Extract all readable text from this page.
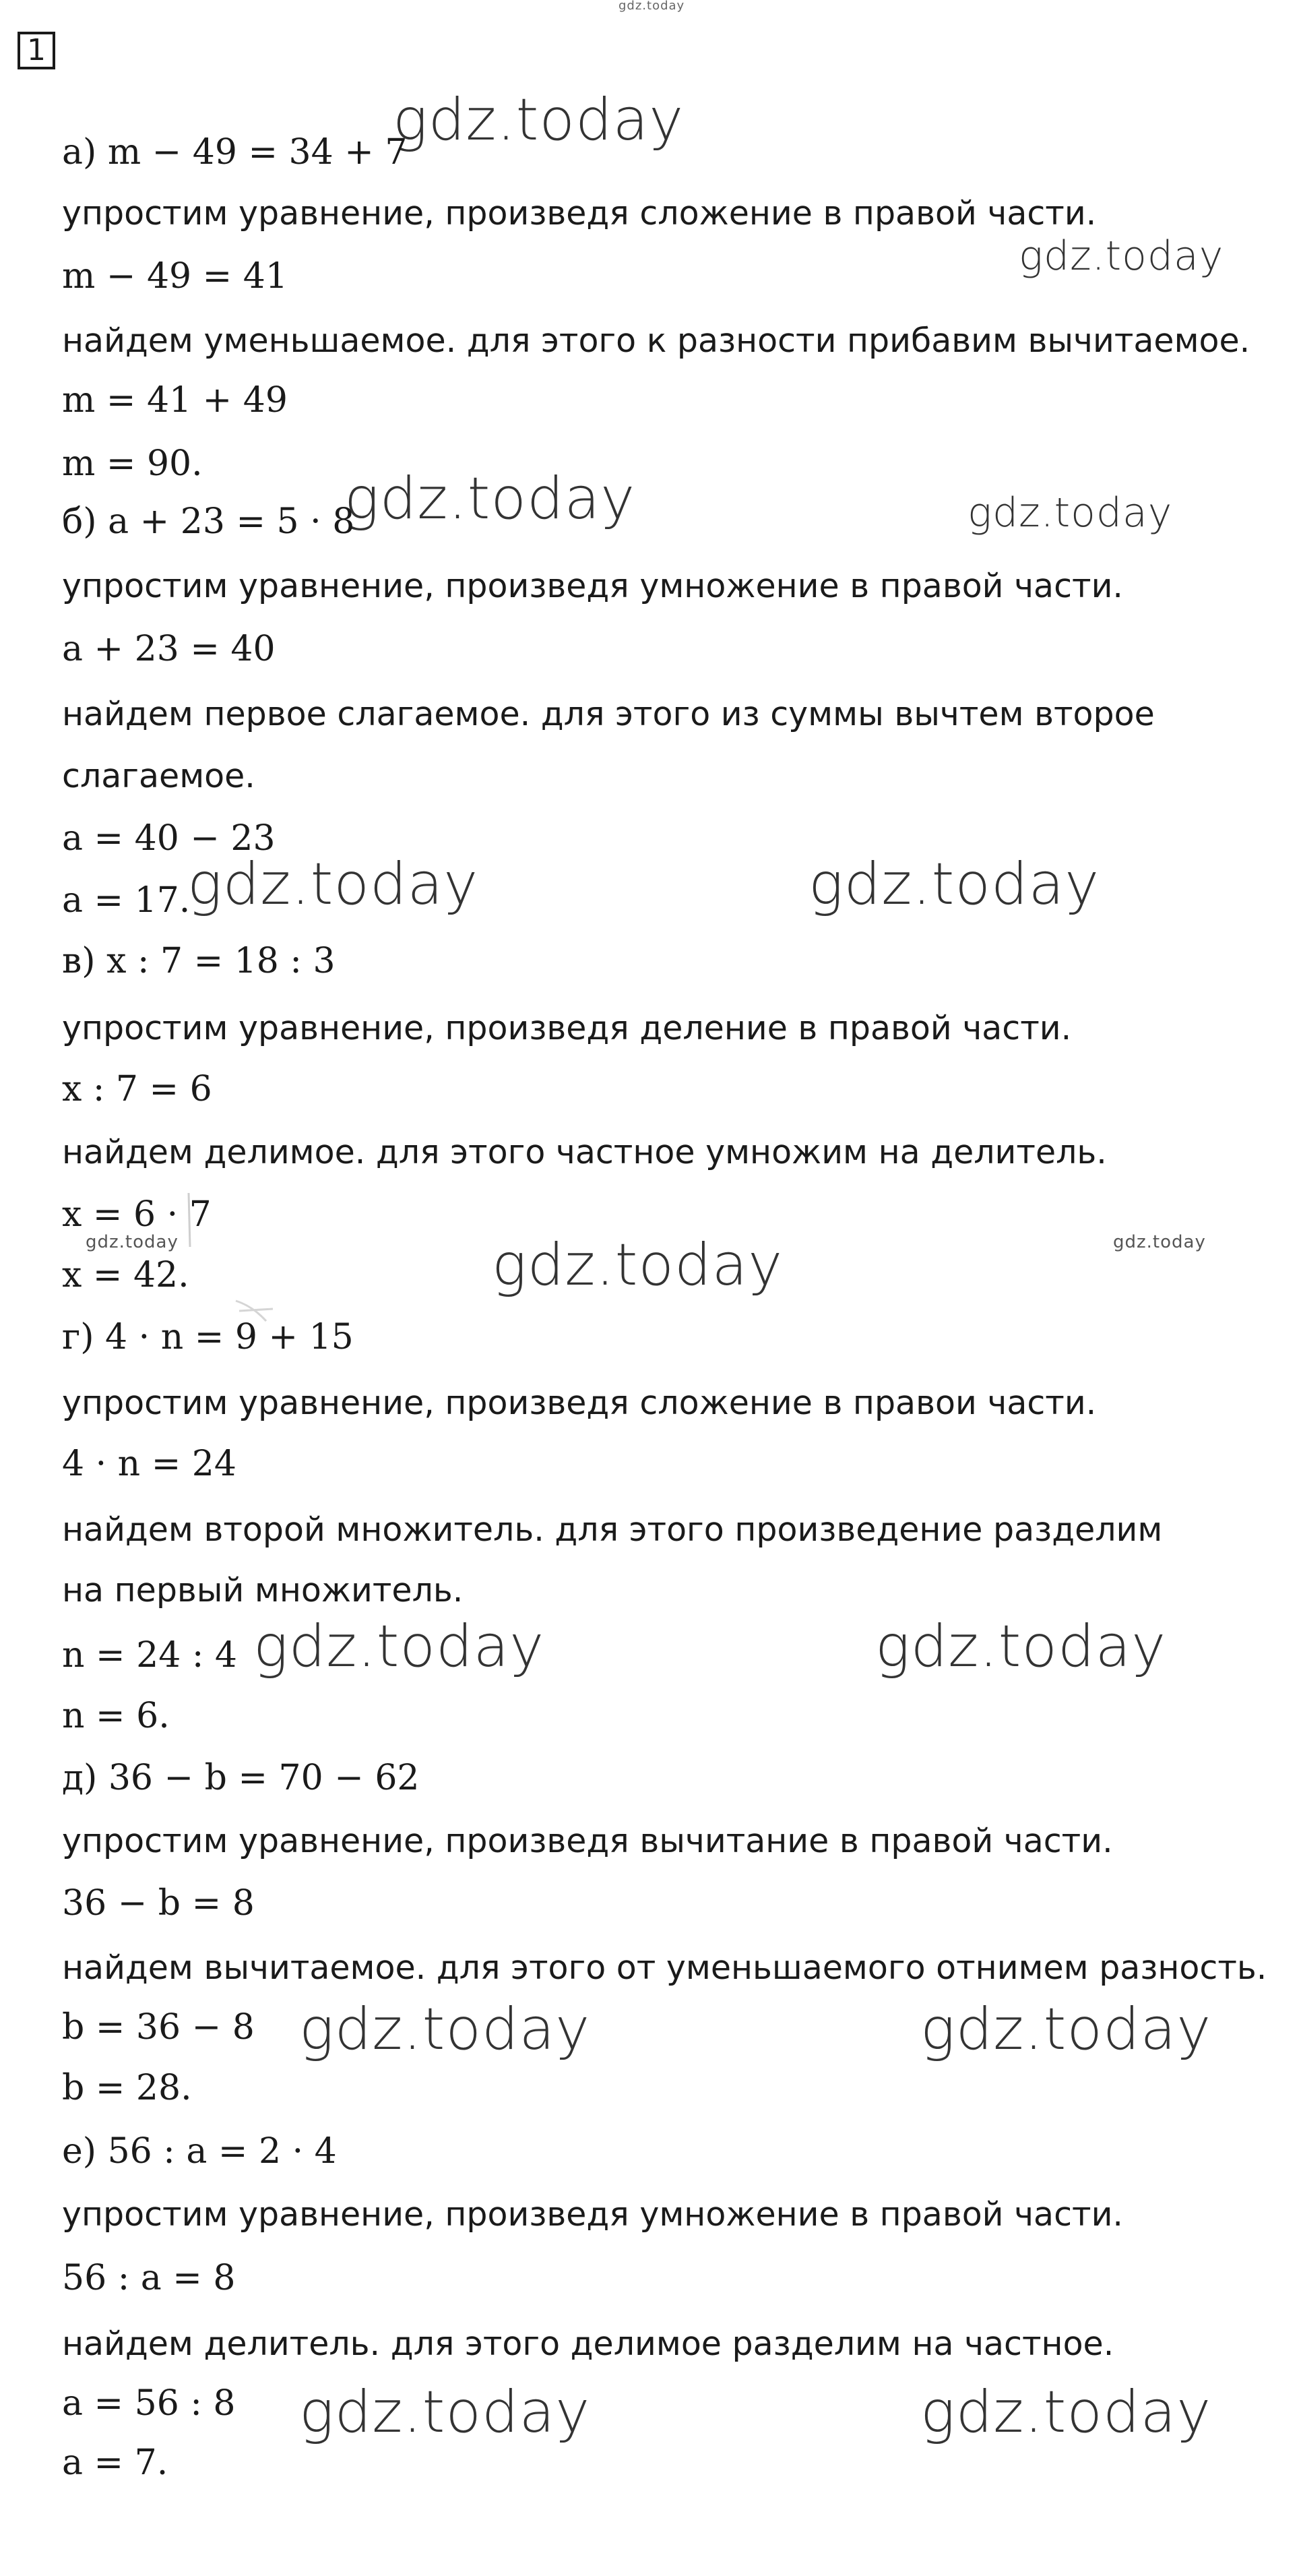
1
gdz.today
gdz.today
gdz.today
gdz.today	gdz.today
gdz.today	gdz.today
gdz.today	gdz.today
gdz.today
gdz.today	gdz.today
gdz.today	gdz.today
gdz.today	gdz.today
а) m − 49 = 34 + 7
упростим уравнение, произведя сложение в правой части.
m − 49 = 41
найдем уменьшаемое. для этого к разности прибавим вычитаемое.
m = 41 + 49
m = 90.
б) a + 23 = 5 · 8
упростим уравнение, произведя умножение в правой части.
a + 23 = 40
найдем первое слагаемое. для этого из суммы вычтем второе
слагаемое.
a = 40 − 23
a = 17.
в) x : 7 = 18 : 3
упростим уравнение, произведя деление в правой части.
x : 7 = 6
найдем делимое. для этого частное умножим на делитель.
x = 6 · 7
x = 42.
г) 4 · n = 9 + 15
упростим уравнение, произведя сложение в правои части.
4 · n = 24
найдем второй множитель. для этого произведение разделим
на первый множитель.
n = 24 : 4
n = 6.
д) 36 − b = 70 − 62
упростим уравнение, произведя вычитание в правой части.
36 − b = 8
найдем вычитаемое. для этого от уменьшаемого отнимем разность.
b = 36 − 8
b = 28.
е) 56 : a = 2 · 4
упростим уравнение, произведя умножение в правой части.
56 : a = 8
найдем делитель. для этого делимое разделим на частное.
a = 56 : 8
a = 7.
